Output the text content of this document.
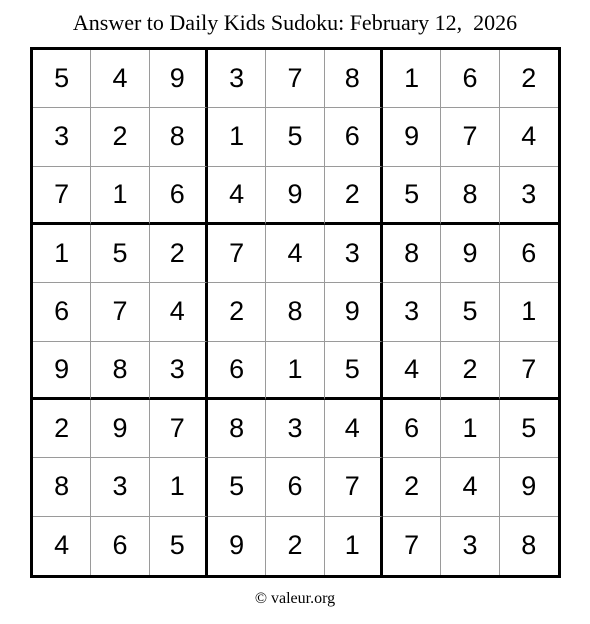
Answer to Daily Kids Sudoku: February 12,  2026
5	4	9	3	7	8	1	6	2
3	2	8	1	5	6	9	7	4
7	1	6	4	9	2	5	8	3
1	5	2	7	4	3	8	9	6
6	7	4	2	8	9	3	5	1
9	8	3	6	1	5	4	2	7
2	9	7	8	3	4	6	1	5
8	3	1	5	6	7	2	4	9
4	6	5	9	2	1	7	3	8
© valeur.org
